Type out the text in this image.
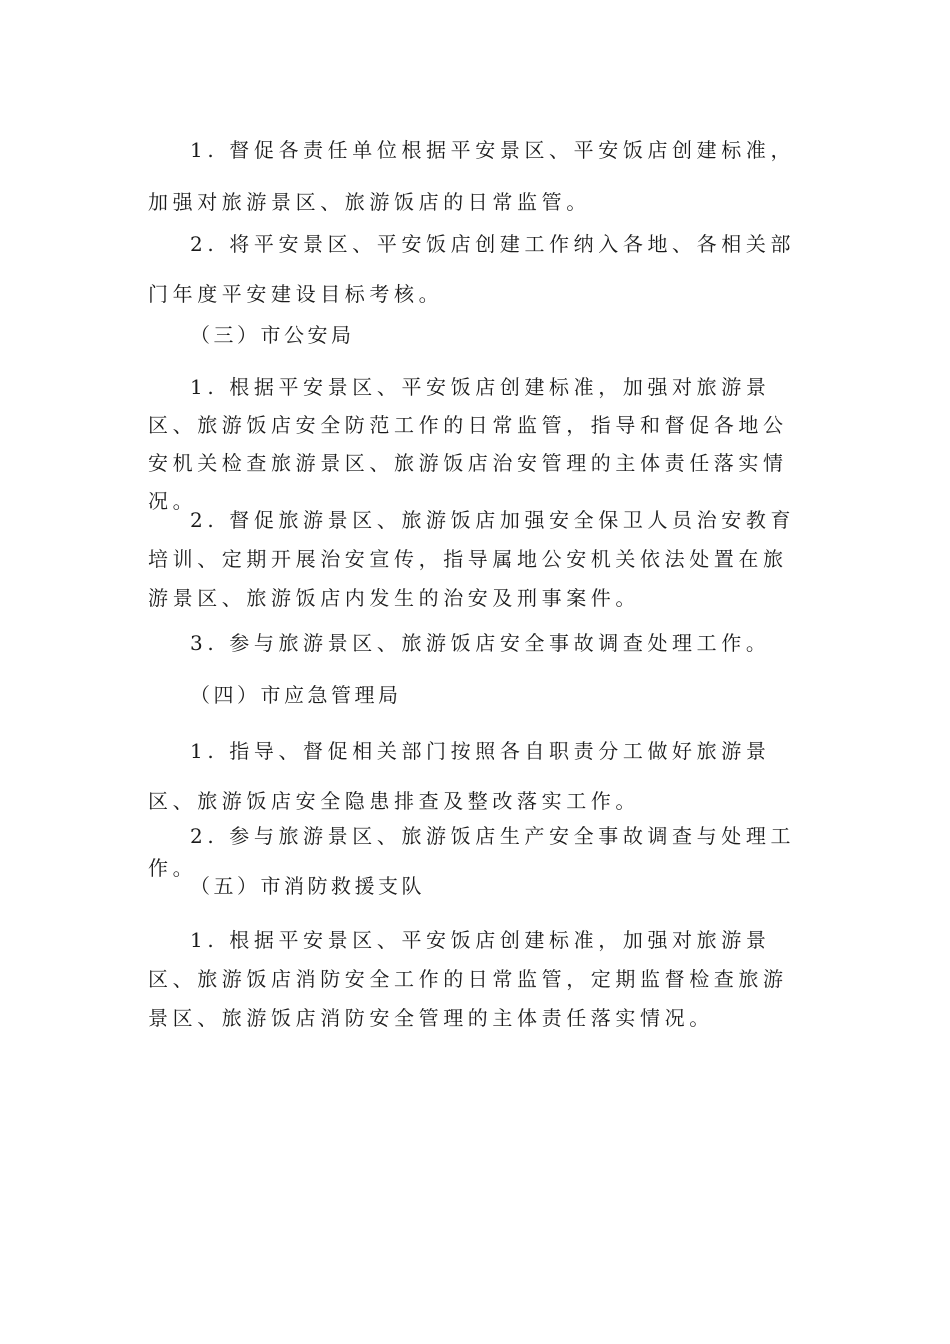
1. 督促各责任单位根据平安景区、平安饭店创建标准，加强对旅游景区、旅游饭店的日常监管。

2. 将平安景区、平安饭店创建工作纳入各地、各相关部门年度平安建设目标考核。

（三）市公安局

1. 根据平安景区、平安饭店创建标准，加强对旅游景区、旅游饭店安全防范工作的日常监管，指导和督促各地公安机关检查旅游景区、旅游饭店治安管理的主体责任落实情况。

2. 督促旅游景区、旅游饭店加强安全保卫人员治安教育培训、定期开展治安宣传，指导属地公安机关依法处置在旅游景区、旅游饭店内发生的治安及刑事案件。

3. 参与旅游景区、旅游饭店安全事故调查处理工作。

（四）市应急管理局

1. 指导、督促相关部门按照各自职责分工做好旅游景区、旅游饭店安全隐患排查及整改落实工作。

2. 参与旅游景区、旅游饭店生产安全事故调查与处理工作。

（五）市消防救援支队

1. 根据平安景区、平安饭店创建标准，加强对旅游景区、旅游饭店消防安全工作的日常监管，定期监督检查旅游景区、旅游饭店消防安全管理的主体责任落实情况。
